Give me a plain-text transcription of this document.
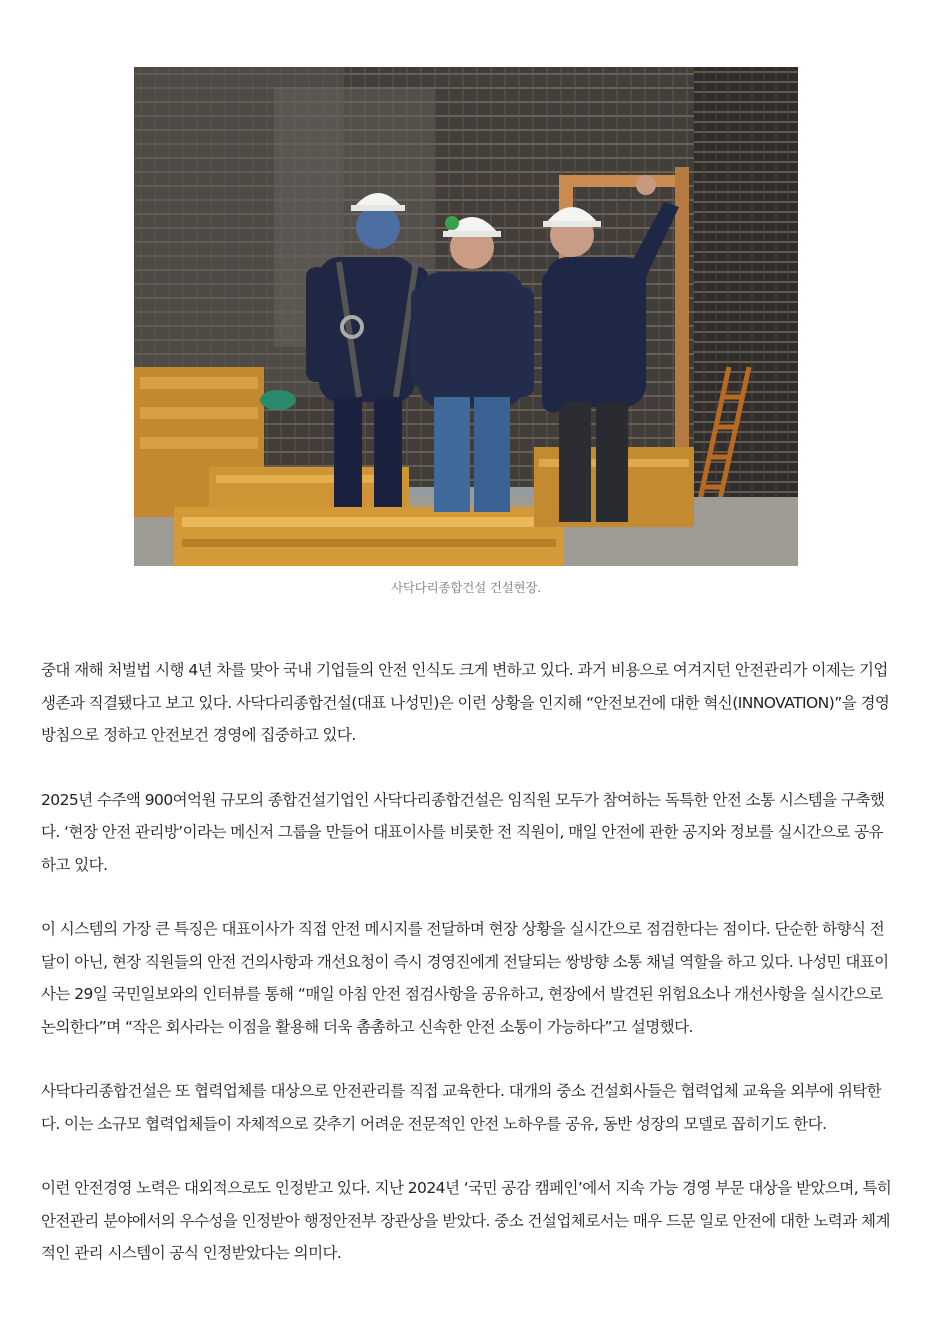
사닥다리종합건설 건설현장.

중대 재해 처벌법 시행 4년 차를 맞아 국내 기업들의 안전 인식도 크게 변하고 있다. 과거 비용으로 여겨지던 안전관리가 이제는 기업 생존과 직결됐다고 보고 있다. 사닥다리종합건설(대표 나성민)은 이런 상황을 인지해 “안전보건에 대한 혁신(INNOVATION)”을 경영 방침으로 정하고 안전보건 경영에 집중하고 있다.

2025년 수주액 900여억원 규모의 종합건설기업인 사닥다리종합건설은 임직원 모두가 참여하는 독특한 안전 소통 시스템을 구축했다. ‘현장 안전 관리방’이라는 메신저 그룹을 만들어 대표이사를 비롯한 전 직원이, 매일 안전에 관한 공지와 정보를 실시간으로 공유하고 있다.

이 시스템의 가장 큰 특징은 대표이사가 직접 안전 메시지를 전달하며 현장 상황을 실시간으로 점검한다는 점이다. 단순한 하향식 전달이 아닌, 현장 직원들의 안전 건의사항과 개선요청이 즉시 경영진에게 전달되는 쌍방향 소통 채널 역할을 하고 있다. 나성민 대표이사는 29일 국민일보와의 인터뷰를 통해 “매일 아침 안전 점검사항을 공유하고, 현장에서 발견된 위험요소나 개선사항을 실시간으로 논의한다”며 “작은 회사라는 이점을 활용해 더욱 촘촘하고 신속한 안전 소통이 가능하다”고 설명했다.

사닥다리종합건설은 또 협력업체를 대상으로 안전관리를 직접 교육한다. 대개의 중소 건설회사들은 협력업체 교육을 외부에 위탁한다. 이는 소규모 협력업체들이 자체적으로 갖추기 어려운 전문적인 안전 노하우를 공유, 동반 성장의 모델로 꼽히기도 한다.

이런 안전경영 노력은 대외적으로도 인정받고 있다. 지난 2024년 ‘국민 공감 캠페인’에서 지속 가능 경영 부문 대상을 받았으며, 특히 안전관리 분야에서의 우수성을 인정받아 행정안전부 장관상을 받았다. 중소 건설업체로서는 매우 드문 일로 안전에 대한 노력과 체계적인 관리 시스템이 공식 인정받았다는 의미다.
